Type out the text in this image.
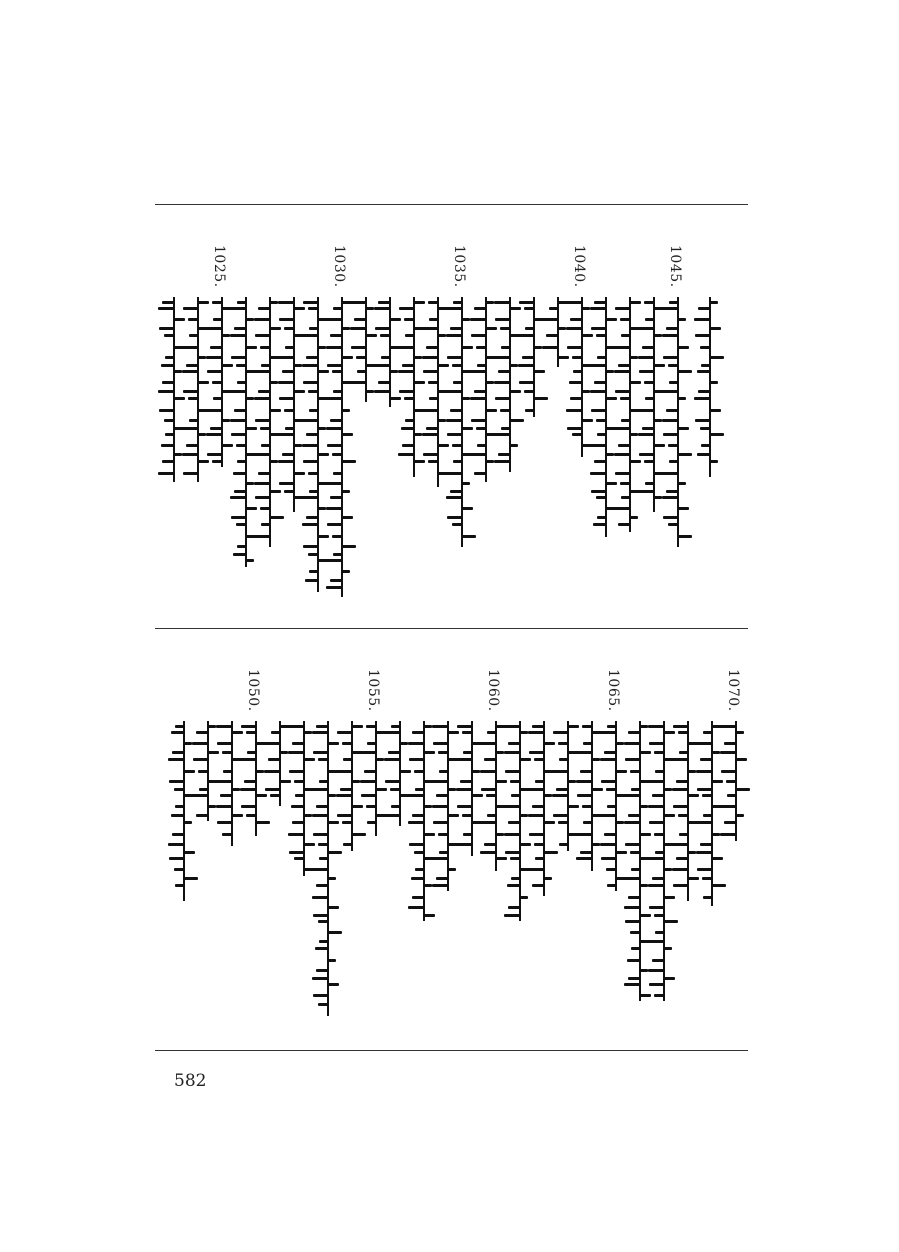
1045.
1040.
1035.
1030.
1025.
1070.
1065.
1060.
1055.
1050.
582
